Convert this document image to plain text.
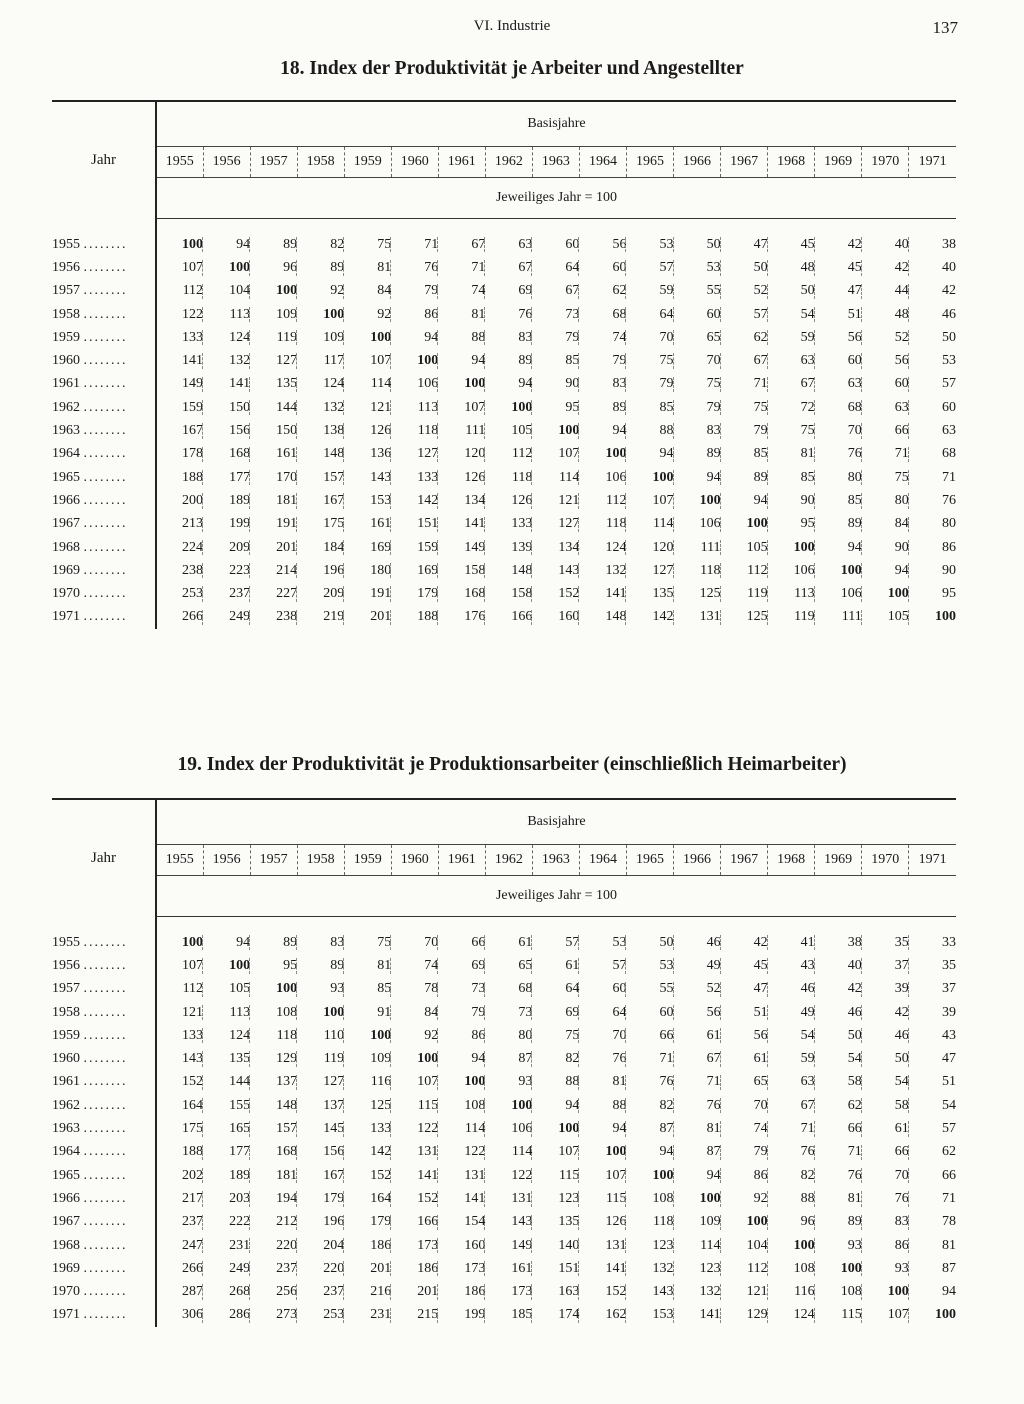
VI. Industrie	137
18. Index der Produktivität je Arbeiter und Angestellter
Jahr	Basisjahre																
	1955	1956	1957	1958	1959	1960	1961	1962	1963	1964	1965	1966	1967	1968	1969	1970	1971
	Jeweiliges Jahr = 100																

1955 ........	100	94	89	82	75	71	67	63	60	56	53	50	47	45	42	40	38
1956 ........	107	100	96	89	81	76	71	67	64	60	57	53	50	48	45	42	40
1957 ........	112	104	100	92	84	79	74	69	67	62	59	55	52	50	47	44	42
1958 ........	122	113	109	100	92	86	81	76	73	68	64	60	57	54	51	48	46
1959 ........	133	124	119	109	100	94	88	83	79	74	70	65	62	59	56	52	50
1960 ........	141	132	127	117	107	100	94	89	85	79	75	70	67	63	60	56	53
1961 ........	149	141	135	124	114	106	100	94	90	83	79	75	71	67	63	60	57
1962 ........	159	150	144	132	121	113	107	100	95	89	85	79	75	72	68	63	60
1963 ........	167	156	150	138	126	118	111	105	100	94	88	83	79	75	70	66	63
1964 ........	178	168	161	148	136	127	120	112	107	100	94	89	85	81	76	71	68
1965 ........	188	177	170	157	143	133	126	118	114	106	100	94	89	85	80	75	71
1966 ........	200	189	181	167	153	142	134	126	121	112	107	100	94	90	85	80	76
1967 ........	213	199	191	175	161	151	141	133	127	118	114	106	100	95	89	84	80
1968 ........	224	209	201	184	169	159	149	139	134	124	120	111	105	100	94	90	86
1969 ........	238	223	214	196	180	169	158	148	143	132	127	118	112	106	100	94	90
1970 ........	253	237	227	209	191	179	168	158	152	141	135	125	119	113	106	100	95
1971 ........	266	249	238	219	201	188	176	166	160	148	142	131	125	119	111	105	100
19. Index der Produktivität je Produktionsarbeiter (einschließlich Heimarbeiter)
Jahr	Basisjahre																
	1955	1956	1957	1958	1959	1960	1961	1962	1963	1964	1965	1966	1967	1968	1969	1970	1971
	Jeweiliges Jahr = 100																

1955 ........	100	94	89	83	75	70	66	61	57	53	50	46	42	41	38	35	33
1956 ........	107	100	95	89	81	74	69	65	61	57	53	49	45	43	40	37	35
1957 ........	112	105	100	93	85	78	73	68	64	60	55	52	47	46	42	39	37
1958 ........	121	113	108	100	91	84	79	73	69	64	60	56	51	49	46	42	39
1959 ........	133	124	118	110	100	92	86	80	75	70	66	61	56	54	50	46	43
1960 ........	143	135	129	119	109	100	94	87	82	76	71	67	61	59	54	50	47
1961 ........	152	144	137	127	116	107	100	93	88	81	76	71	65	63	58	54	51
1962 ........	164	155	148	137	125	115	108	100	94	88	82	76	70	67	62	58	54
1963 ........	175	165	157	145	133	122	114	106	100	94	87	81	74	71	66	61	57
1964 ........	188	177	168	156	142	131	122	114	107	100	94	87	79	76	71	66	62
1965 ........	202	189	181	167	152	141	131	122	115	107	100	94	86	82	76	70	66
1966 ........	217	203	194	179	164	152	141	131	123	115	108	100	92	88	81	76	71
1967 ........	237	222	212	196	179	166	154	143	135	126	118	109	100	96	89	83	78
1968 ........	247	231	220	204	186	173	160	149	140	131	123	114	104	100	93	86	81
1969 ........	266	249	237	220	201	186	173	161	151	141	132	123	112	108	100	93	87
1970 ........	287	268	256	237	216	201	186	173	163	152	143	132	121	116	108	100	94
1971 ........	306	286	273	253	231	215	199	185	174	162	153	141	129	124	115	107	100
